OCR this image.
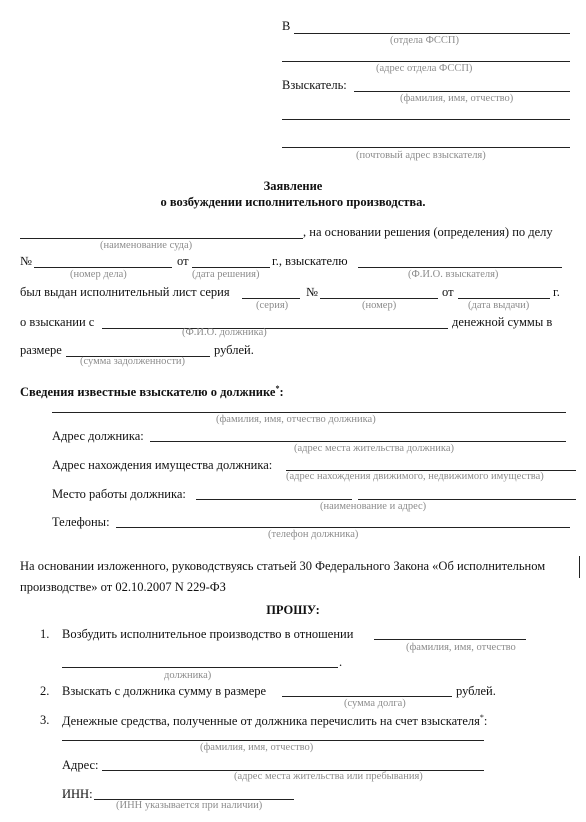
В
(отдела ФССП)
(адрес отдела ФССП)
Взыскатель:
(фамилия, имя, отчество)
(почтовый адрес взыскателя)
Заявление
о возбуждении исполнительного производства.
, на основании решения (определения) по делу
(наименование суда)
№	от	г., взыскателю
(номер дела)	(дата решения)	(Ф.И.О. взыскателя)
был выдан исполнительный лист серия	№	от	г.
(серия)	(номер)	(дата выдачи)
о взыскании с	денежной суммы в
(Ф.И.О. должника)
размере	рублей.
(сумма задолженности)
Сведения известные взыскателю о должнике*:
(фамилия, имя, отчество должника)
Адрес должника:
(адрес места жительства должника)
Адрес нахождения имущества должника:
(адрес нахождения движимого, недвижимого имущества)
Место работы должника:
(наименование и адрес)
Телефоны:
(телефон должника)
На основании изложенного, руководствуясь статьей 30 Федерального Закона «Об исполнительном
производстве» от 02.10.2007 N 229-ФЗ
ПРОШУ:
1. Возбудить исполнительное производство в отношении
(фамилия, имя, отчество
.
должника)
2. Взыскать с должника сумму в размере	рублей.
(сумма долга)
3. Денежные средства, полученные от должника перечислить на счет взыскателя*:
(фамилия, имя, отчество)
Адрес:
(адрес места жительства или пребывания)
ИНН:
(ИНН указывается при наличии)
